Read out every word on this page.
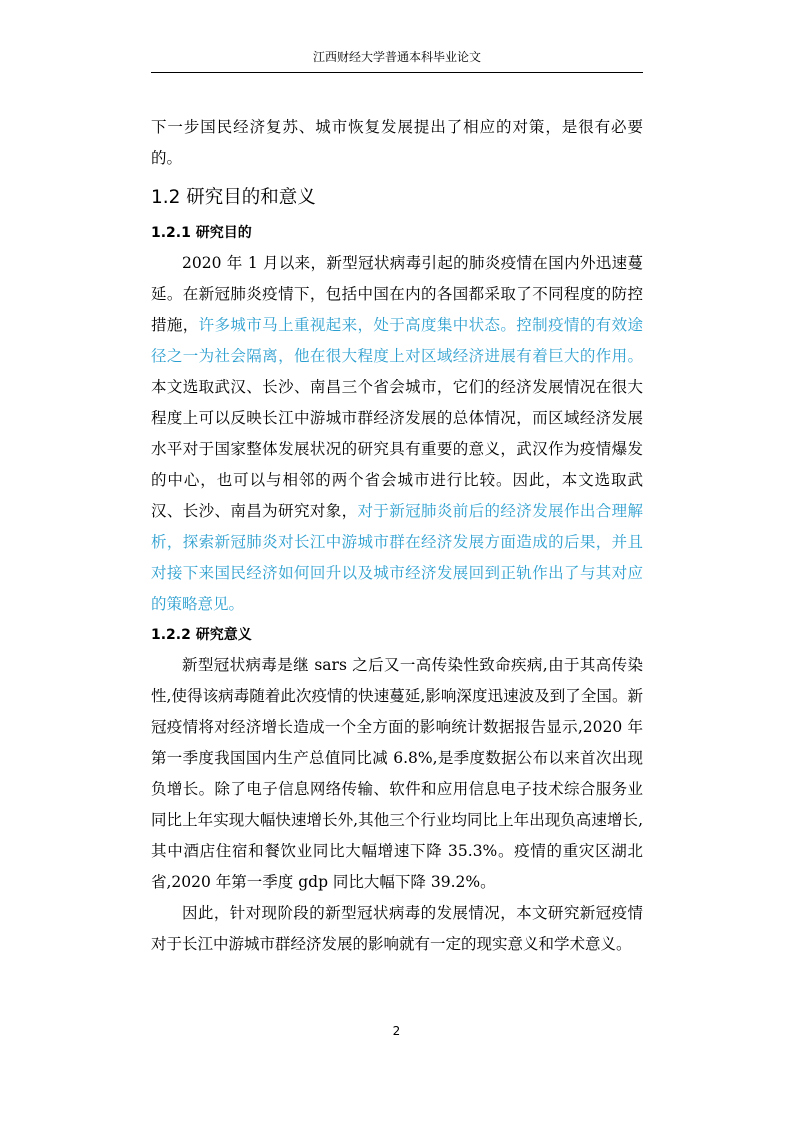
江西财经大学普通本科毕业论文

下一步国民经济复苏、城市恢复发展提出了相应的对策，是很有必要的。

1.2 研究目的和意义
1.2.1 研究目的

2020 年 1 月以来，新型冠状病毒引起的肺炎疫情在国内外迅速蔓延。在新冠肺炎疫情下，包括中国在内的各国都采取了不同程度的防控措施，许多城市马上重视起来，处于高度集中状态。控制疫情的有效途径之一为社会隔离，他在很大程度上对区域经济进展有着巨大的作用。本文选取武汉、长沙、南昌三个省会城市，它们的经济发展情况在很大程度上可以反映长江中游城市群经济发展的总体情况，而区域经济发展水平对于国家整体发展状况的研究具有重要的意义，武汉作为疫情爆发的中心，也可以与相邻的两个省会城市进行比较。因此，本文选取武汉、长沙、南昌为研究对象，对于新冠肺炎前后的经济发展作出合理解析，探索新冠肺炎对长江中游城市群在经济发展方面造成的后果，并且对接下来国民经济如何回升以及城市经济发展回到正轨作出了与其对应的策略意见。

1.2.2 研究意义

新型冠状病毒是继 sars 之后又一高传染性致命疾病,由于其高传染性,使得该病毒随着此次疫情的快速蔓延,影响深度迅速波及到了全国。新冠疫情将对经济增长造成一个全方面的影响统计数据报告显示,2020 年第一季度我国国内生产总值同比减 6.8%,是季度数据公布以来首次出现负增长。除了电子信息网络传输、软件和应用信息电子技术综合服务业同比上年实现大幅快速增长外,其他三个行业均同比上年出现负高速增长,其中酒店住宿和餐饮业同比大幅增速下降 35.3%。疫情的重灾区湖北省,2020 年第一季度 gdp 同比大幅下降 39.2%。

因此，针对现阶段的新型冠状病毒的发展情况，本文研究新冠疫情对于长江中游城市群经济发展的影响就有一定的现实意义和学术意义。

2
